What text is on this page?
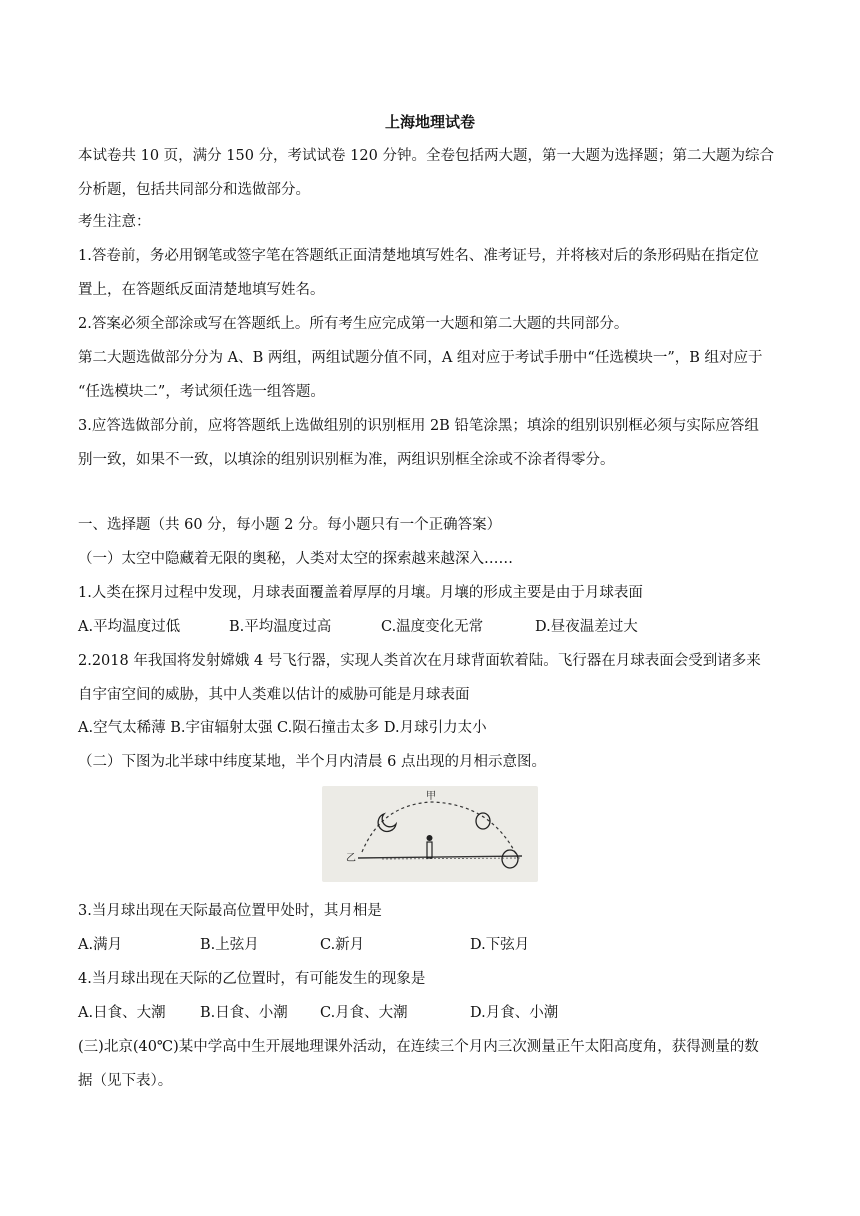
上海地理试卷
本试卷共 10 页，满分 150 分，考试试卷 120 分钟。全卷包括两大题，第一大题为选择题；第二大题为综合
分析题，包括共同部分和选做部分。
考生注意：
1.答卷前，务必用钢笔或签字笔在答题纸正面清楚地填写姓名、准考证号，并将核对后的条形码贴在指定位
置上，在答题纸反面清楚地填写姓名。
2.答案必须全部涂或写在答题纸上。所有考生应完成第一大题和第二大题的共同部分。
第二大题选做部分分为 A、B 两组，两组试题分值不同，A 组对应于考试手册中“任选模块一”，B 组对应于
“任选模块二”，考试须任选一组答题。
3.应答选做部分前，应将答题纸上选做组别的识别框用 2B 铅笔涂黑；填涂的组别识别框必须与实际应答组
别一致，如果不一致，以填涂的组别识别框为准，两组识别框全涂或不涂者得零分。
一、选择题（共 60 分，每小题 2 分。每小题只有一个正确答案）
（一）太空中隐藏着无限的奥秘，人类对太空的探索越来越深入……
1.人类在探月过程中发现，月球表面覆盖着厚厚的月壤。月壤的形成主要是由于月球表面
A.平均温度过低	B.平均温度过高	C.温度变化无常	D.昼夜温差过大
2.2018 年我国将发射嫦娥 4 号飞行器，实现人类首次在月球背面软着陆。飞行器在月球表面会受到诸多来
自宇宙空间的威胁，其中人类难以估计的威胁可能是月球表面
A.空气太稀薄 B.宇宙辐射太强 C.陨石撞击太多 D.月球引力太小
（二）下图为北半球中纬度某地，半个月内清晨 6 点出现的月相示意图。
甲
乙
3.当月球出现在天际最高位置甲处时，其月相是
A.满月	B.上弦月	C.新月	D.下弦月
4.当月球出现在天际的乙位置时，有可能发生的现象是
A.日食、大潮 B.日食、小潮 C.月食、大潮	D.月食、小潮
(三)北京(40℃)某中学高中生开展地理课外活动，在连续三个月内三次测量正午太阳高度角，获得测量的数
据（见下表）。
